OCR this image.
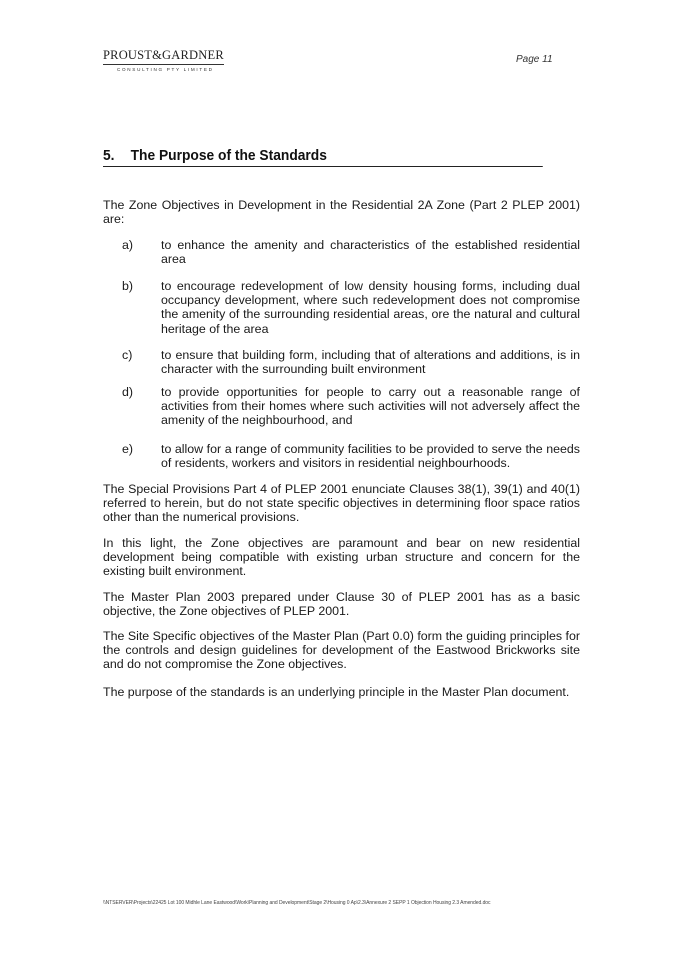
PROUST&GARDNER
CONSULTING PTY LIMITED
Page 11
5. The Purpose of the Standards
The Zone Objectives in Development in the Residential 2A Zone (Part 2 PLEP 2001) are:
a) to enhance the amenity and characteristics of the established residential area
b) to encourage redevelopment of low density housing forms, including dual occupancy development, where such redevelopment does not compromise the amenity of the surrounding residential areas, ore the natural and cultural heritage of the area
c) to ensure that building form, including that of alterations and additions, is in character with the surrounding built environment
d) to provide opportunities for people to carry out a reasonable range of activities from their homes where such activities will not adversely affect the amenity of the neighbourhood, and
e) to allow for a range of community facilities to be provided to serve the needs of residents, workers and visitors in residential neighbourhoods.
The Special Provisions Part 4 of PLEP 2001 enunciate Clauses 38(1), 39(1) and 40(1) referred to herein, but do not state specific objectives in determining floor space ratios other than the numerical provisions.
In this light, the Zone objectives are paramount and bear on new residential development being compatible with existing urban structure and concern for the existing built environment.
The Master Plan 2003 prepared under Clause 30 of PLEP 2001 has as a basic objective, the Zone objectives of PLEP 2001.
The Site Specific objectives of the Master Plan (Part 0.0) form the guiding principles for the controls and design guidelines for development of the Eastwood Brickworks site and do not compromise the Zone objectives.
The purpose of the standards is an underlying principle in the Master Plan document.
\\NTSERVER\Projects\22425 Lot 100 Midhle Lane Eastwood\Work\Planning and Development\Stage 2\Housing 0 Ap\2.3\Annexure 2 SEPP 1 Objection Housing 2.3 Amended.doc
